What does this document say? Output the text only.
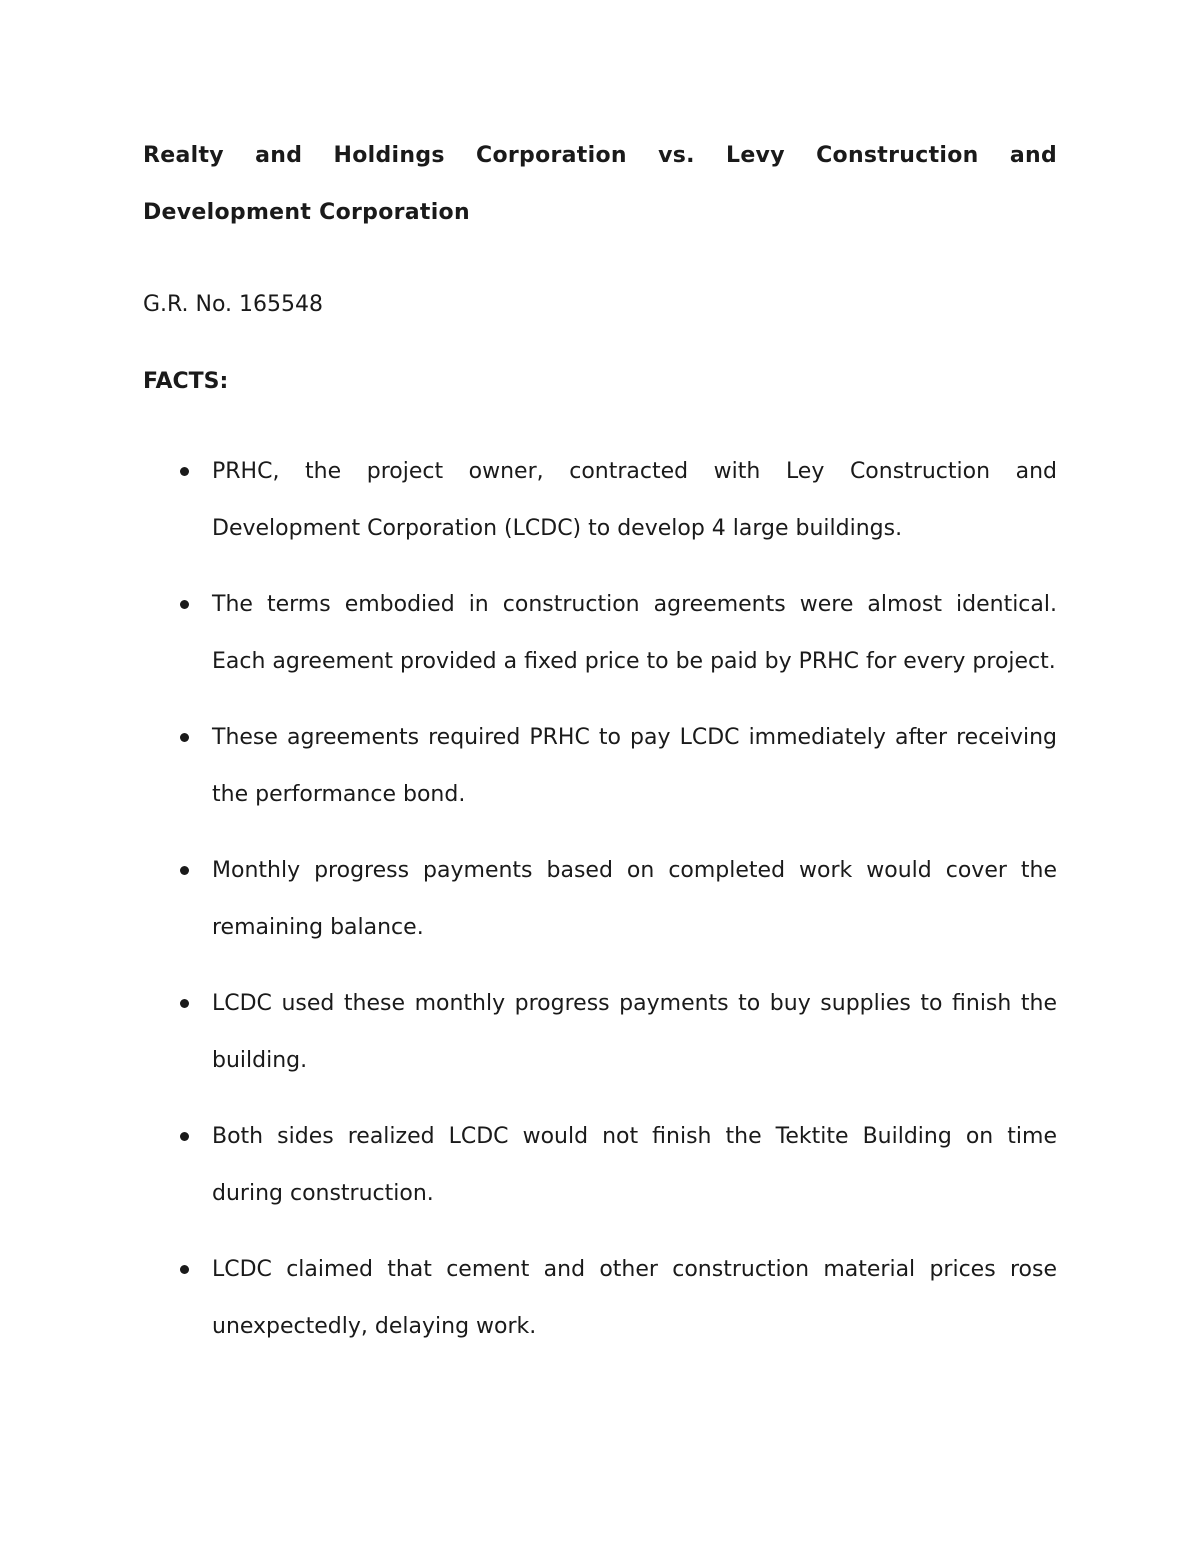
Realty and Holdings Corporation vs. Levy Construction and Development Corporation

G.R. No. 165548

FACTS:

PRHC, the project owner, contracted with Ley Construction and Development Corporation (LCDC) to develop 4 large buildings.
The terms embodied in construction agreements were almost identical. Each agreement provided a fixed price to be paid by PRHC for every project.
These agreements required PRHC to pay LCDC immediately after receiving the performance bond.
Monthly progress payments based on completed work would cover the remaining balance.
LCDC used these monthly progress payments to buy supplies to finish the building.
Both sides realized LCDC would not finish the Tektite Building on time during construction.
LCDC claimed that cement and other construction material prices rose unexpectedly, delaying work.
